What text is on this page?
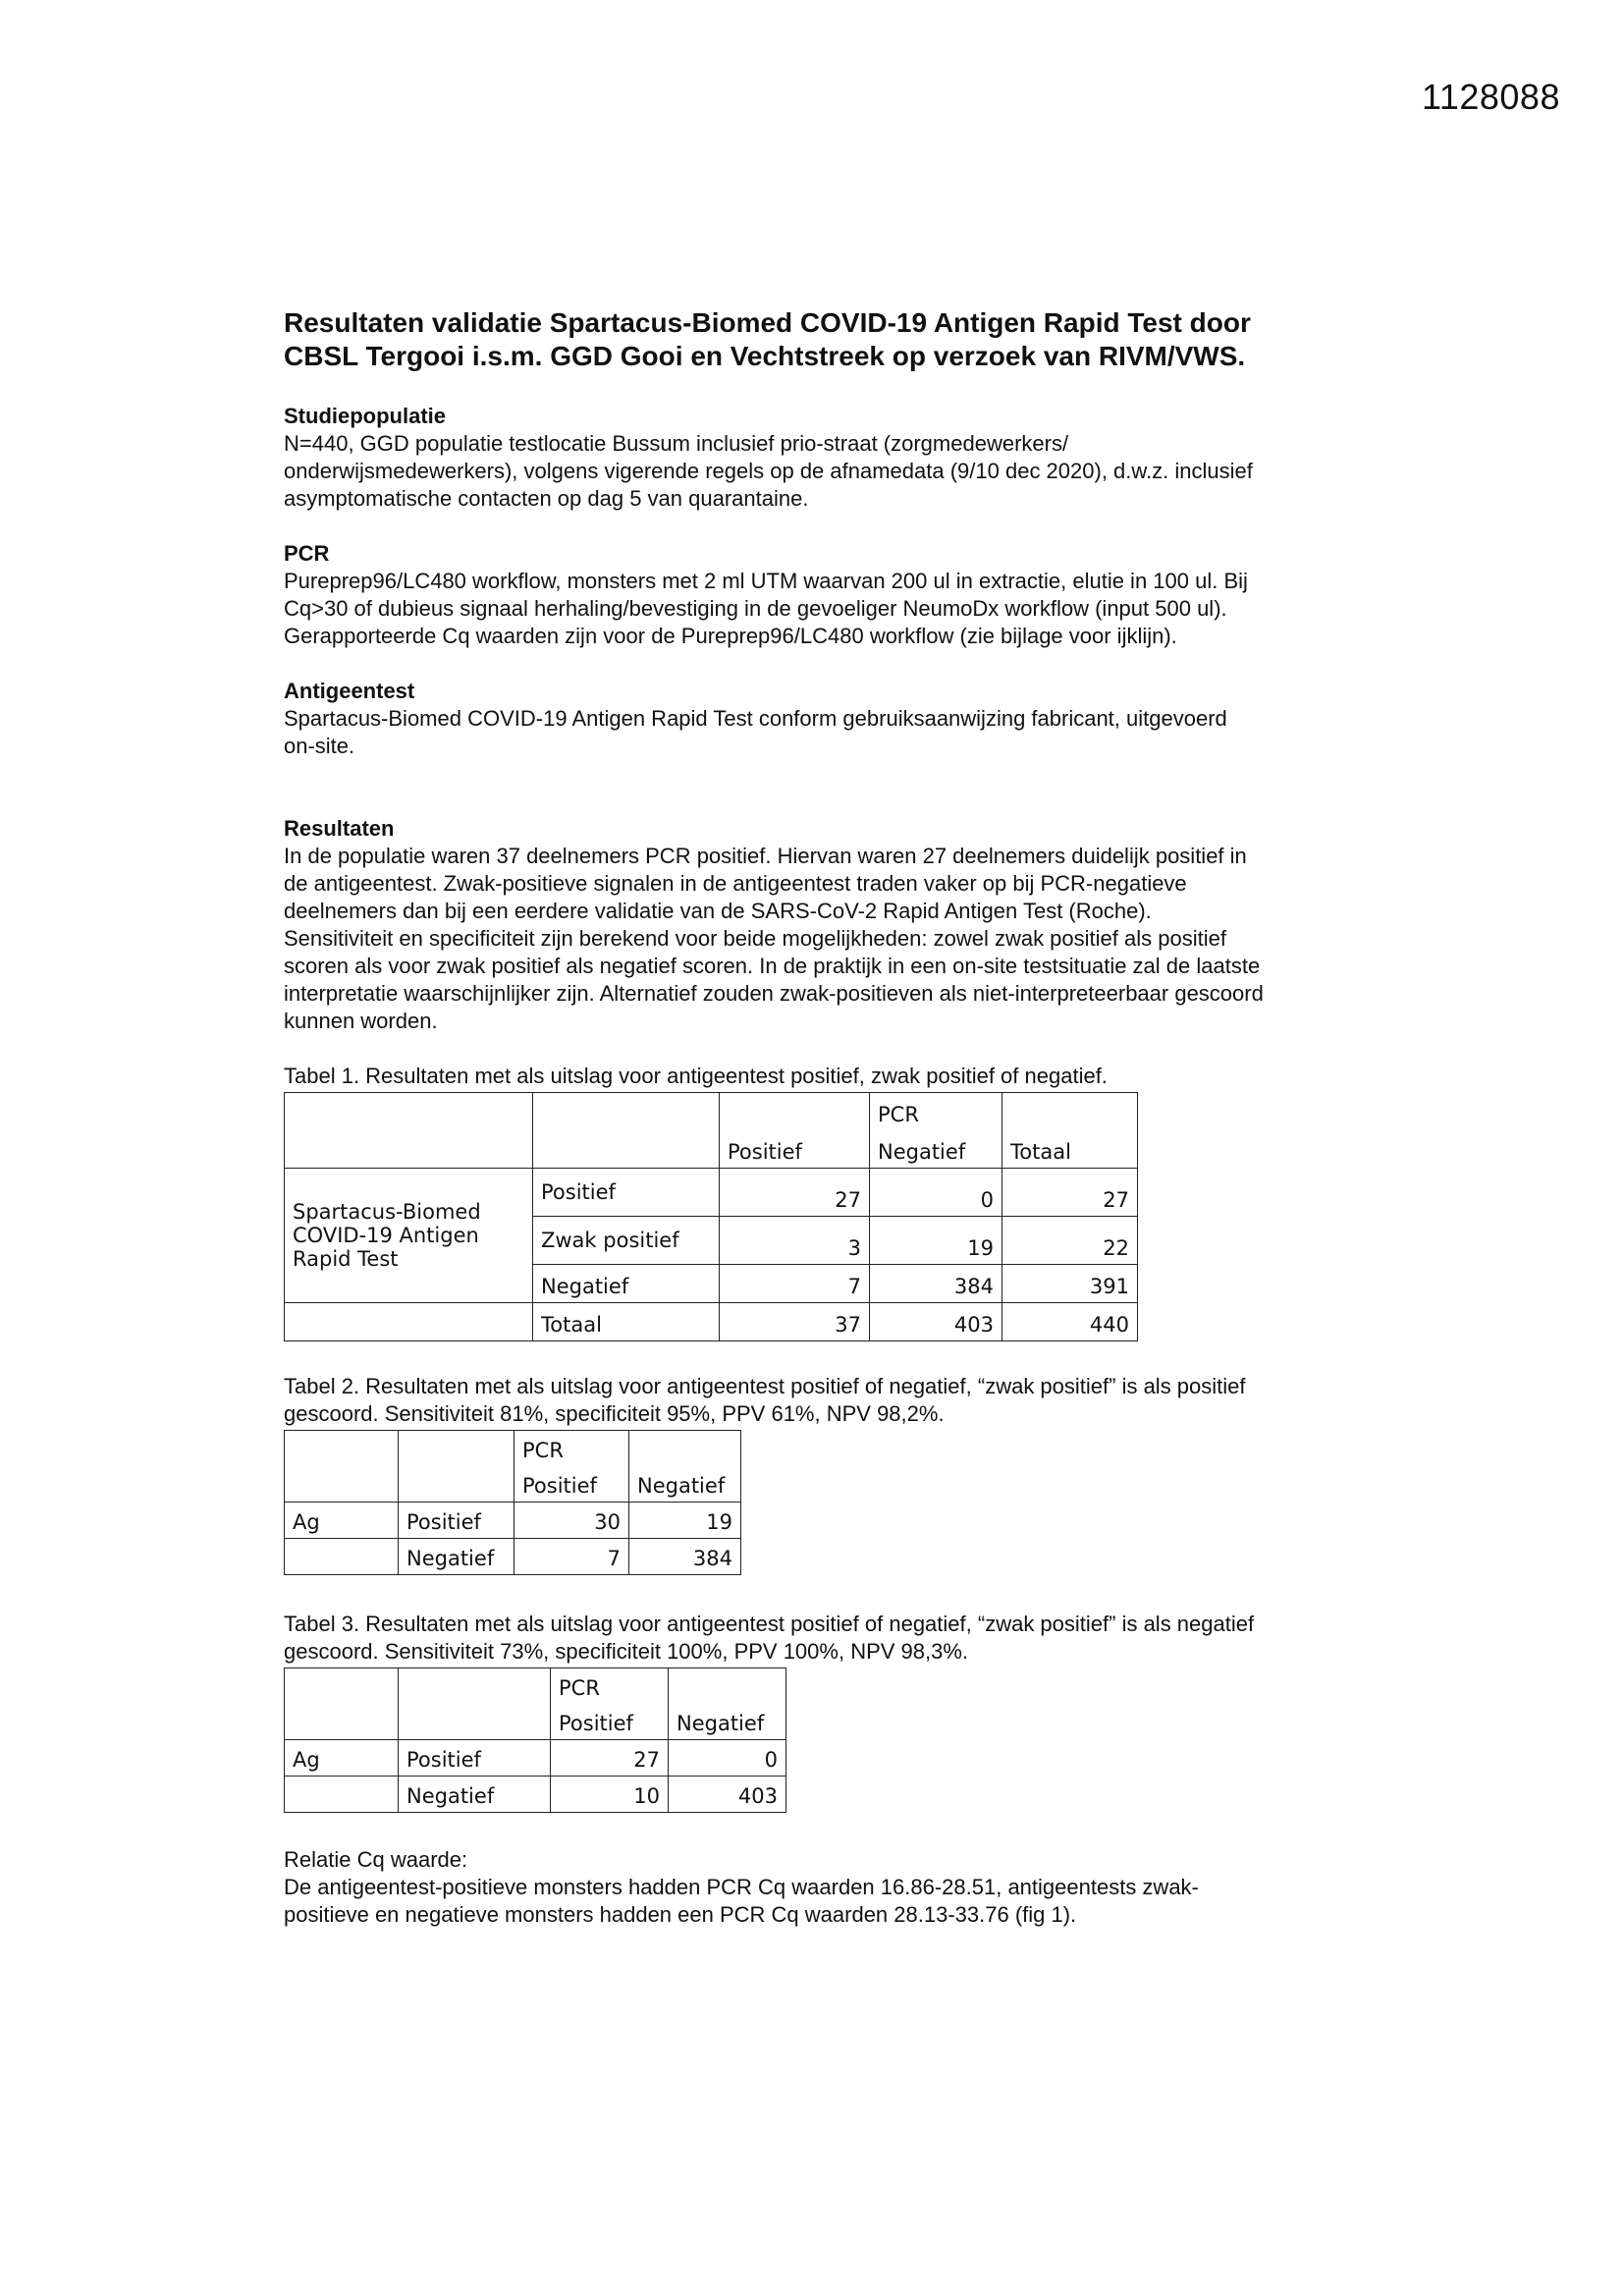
1128088

Resultaten validatie Spartacus-Biomed COVID-19 Antigen Rapid Test door

CBSL Tergooi i.s.m. GGD Gooi en Vechtstreek op verzoek van RIVM/VWS.

Studiepopulatie

N=440, GGD populatie testlocatie Bussum inclusief prio-straat (zorgmedewerkers/

onderwijsmedewerkers), volgens vigerende regels op de afnamedata (9/10 dec 2020), d.w.z. inclusief

asymptomatische contacten op dag 5 van quarantaine.

PCR

Pureprep96/LC480 workflow, monsters met 2 ml UTM waarvan 200 ul in extractie, elutie in 100 ul. Bij

Cq>30 of dubieus signaal herhaling/bevestiging in de gevoeliger NeumoDx workflow (input 500 ul).

Gerapporteerde Cq waarden zijn voor de Pureprep96/LC480 workflow (zie bijlage voor ijklijn).

Antigeentest

Spartacus-Biomed COVID-19 Antigen Rapid Test conform gebruiksaanwijzing fabricant, uitgevoerd

on-site.

Resultaten

In de populatie waren 37 deelnemers PCR positief. Hiervan waren 27 deelnemers duidelijk positief in

de antigeentest. Zwak-positieve signalen in de antigeentest traden vaker op bij PCR-negatieve

deelnemers dan bij een eerdere validatie van de SARS-CoV-2 Rapid Antigen Test (Roche).

Sensitiviteit en specificiteit zijn berekend voor beide mogelijkheden: zowel zwak positief als positief

scoren als voor zwak positief als negatief scoren. In de praktijk in een on-site testsituatie zal de laatste

interpretatie waarschijnlijker zijn. Alternatief zouden zwak-positieven als niet-interpreteerbaar gescoord

kunnen worden.

Tabel 1. Resultaten met als uitslag voor antigeentest positief, zwak positief of negatief.

			PCR	
		Positief	Negatief	Totaal
Spartacus-Biomed COVID-19 Antigen Rapid Test	Positief	27	0	27
	Zwak positief	3	19	22
	Negatief	7	384	391
	Totaal	37	403	440

Tabel 2. Resultaten met als uitslag voor antigeentest positief of negatief, “zwak positief” is als positief

gescoord. Sensitiviteit 81%, specificiteit 95%, PPV 61%, NPV 98,2%.

		PCR	
		Positief	Negatief
Ag	Positief	30	19
	Negatief	7	384

Tabel 3. Resultaten met als uitslag voor antigeentest positief of negatief, “zwak positief” is als negatief

gescoord. Sensitiviteit 73%, specificiteit 100%, PPV 100%, NPV 98,3%.

		PCR	
		Positief	Negatief
Ag	Positief	27	0
	Negatief	10	403

Relatie Cq waarde:

De antigeentest-positieve monsters hadden PCR Cq waarden 16.86-28.51, antigeentests zwak-

positieve en negatieve monsters hadden een PCR Cq waarden 28.13-33.76 (fig 1).
